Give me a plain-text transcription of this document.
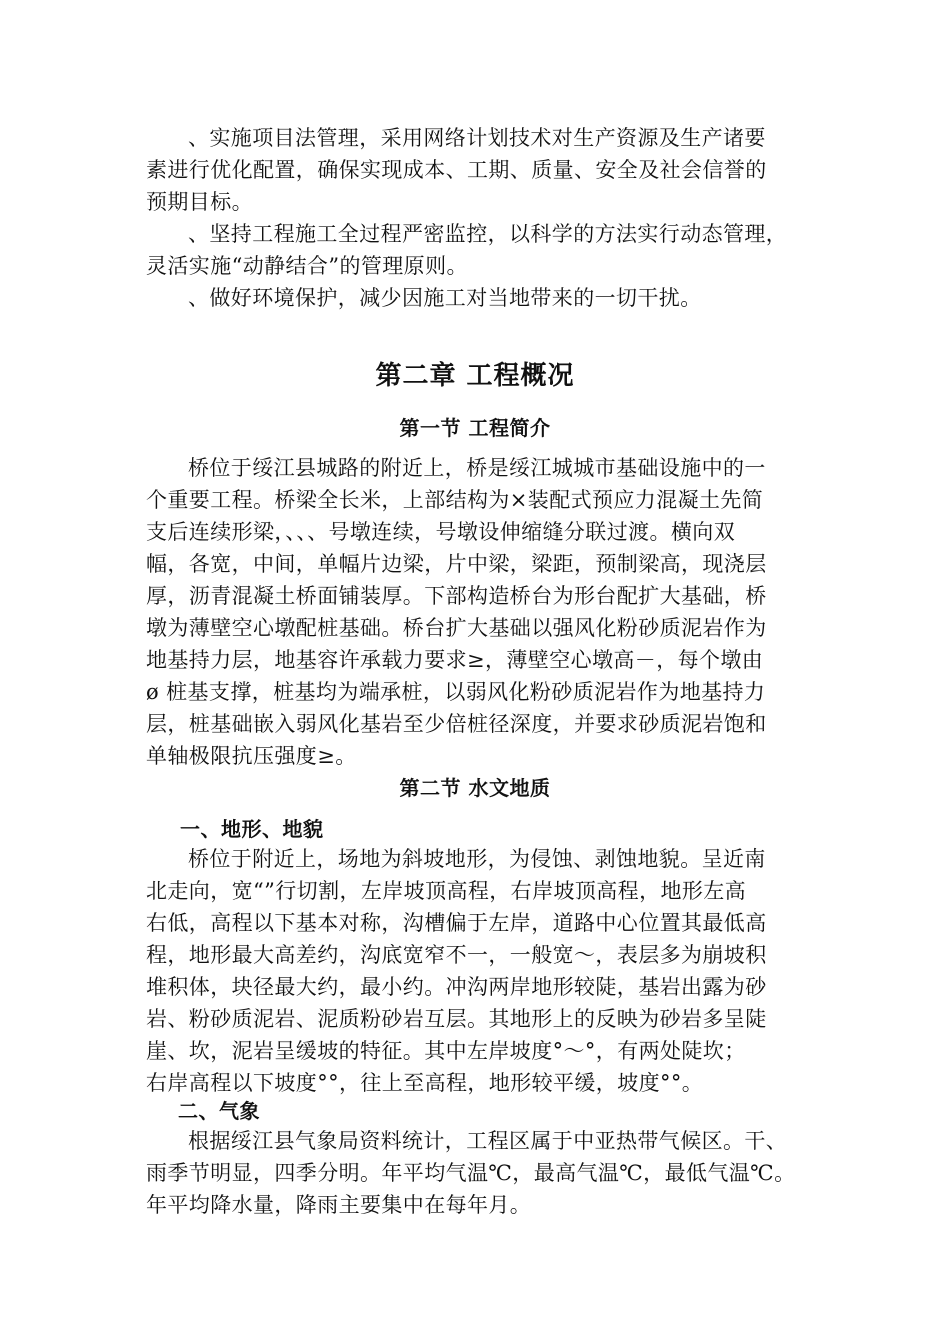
、实施项目法管理，采用网络计划技术对生产资源及生产诸要
素进行优化配置，确保实现成本、工期、质量、安全及社会信誉的
预期目标。
、坚持工程施工全过程严密监控，以科学的方法实行动态管理，
灵活实施“动静结合”的管理原则。
、做好环境保护，减少因施工对当地带来的一切干扰。
第二章 工程概况
第一节 工程简介
桥位于绥江县城路的附近上，桥是绥江城城市基础设施中的一
个重要工程。桥梁全长米，上部结构为×装配式预应力混凝土先简
支后连续形梁，、、、号墩连续，号墩设伸缩缝分联过渡。横向双
幅，各宽，中间，单幅片边梁，片中梁，梁距，预制梁高，现浇层
厚，沥青混凝土桥面铺装厚。下部构造桥台为形台配扩大基础，桥
墩为薄壁空心墩配桩基础。桥台扩大基础以强风化粉砂质泥岩作为
地基持力层，地基容许承载力要求≥，薄壁空心墩高－，每个墩由
ø 桩基支撑，桩基均为端承桩，以弱风化粉砂质泥岩作为地基持力
层，桩基础嵌入弱风化基岩至少倍桩径深度，并要求砂质泥岩饱和
单轴极限抗压强度≥。
第二节 水文地质
一、地形、地貌
桥位于附近上，场地为斜坡地形，为侵蚀、剥蚀地貌。呈近南
北走向，宽“”行切割，左岸坡顶高程，右岸坡顶高程，地形左高
右低，高程以下基本对称，沟槽偏于左岸，道路中心位置其最低高
程，地形最大高差约，沟底宽窄不一，一般宽～，表层多为崩坡积
堆积体，块径最大约，最小约。冲沟两岸地形较陡，基岩出露为砂
岩、粉砂质泥岩、泥质粉砂岩互层。其地形上的反映为砂岩多呈陡
崖、坎，泥岩呈缓坡的特征。其中左岸坡度°～°，有两处陡坎；
右岸高程以下坡度°°，往上至高程，地形较平缓，坡度°°。
二、气象
根据绥江县气象局资料统计，工程区属于中亚热带气候区。干、
雨季节明显，四季分明。年平均气温℃，最高气温℃，最低气温℃。
年平均降水量，降雨主要集中在每年月。
